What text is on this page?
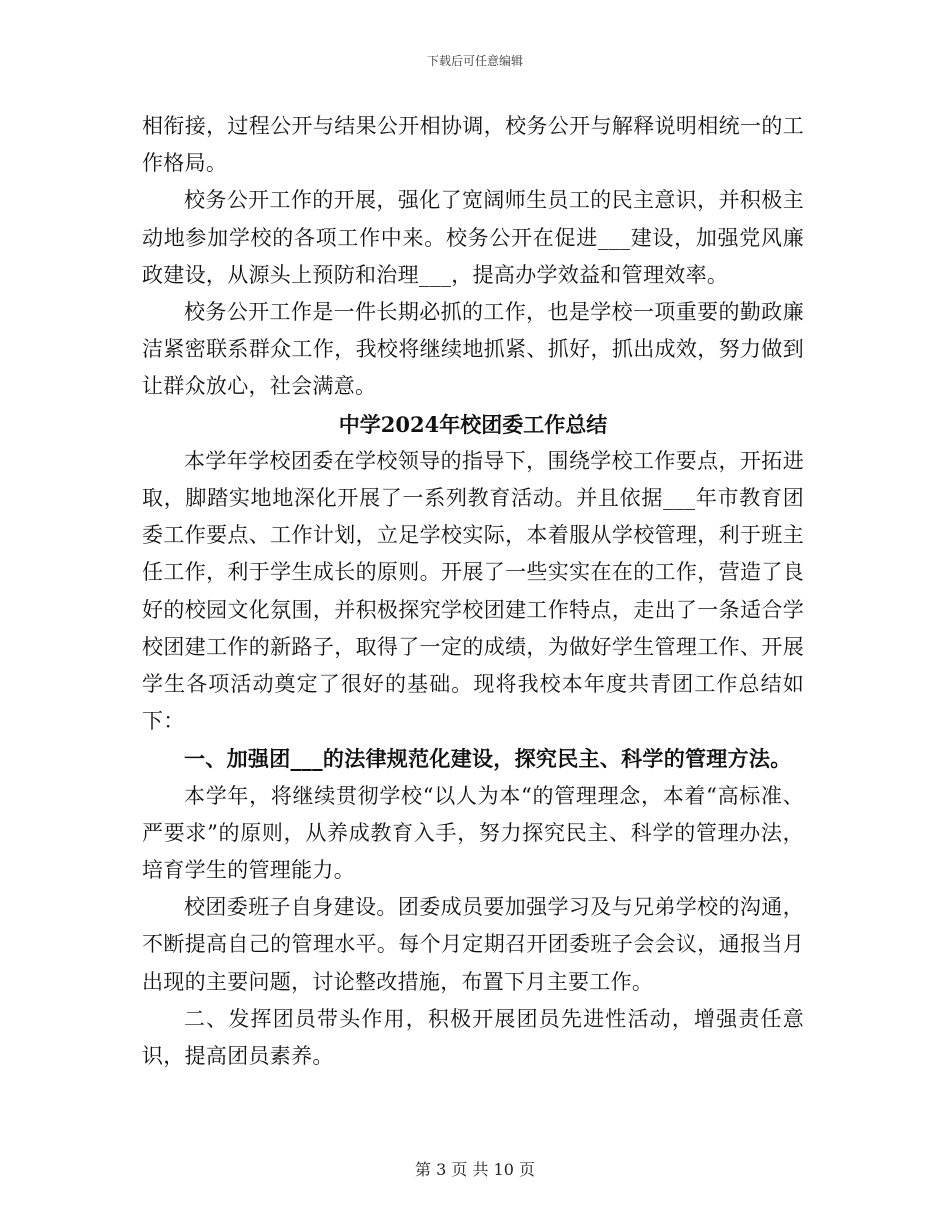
下载后可任意编辑

相衔接，过程公开与结果公开相协调，校务公开与解释说明相统一的工作格局。

校务公开工作的开展，强化了宽阔师生员工的民主意识，并积极主动地参加学校的各项工作中来。校务公开在促进___建设，加强党风廉政建设，从源头上预防和治理___，提高办学效益和管理效率。

校务公开工作是一件长期必抓的工作，也是学校一项重要的勤政廉洁紧密联系群众工作，我校将继续地抓紧、抓好，抓出成效，努力做到让群众放心，社会满意。

中学2024年校团委工作总结

本学年学校团委在学校领导的指导下，围绕学校工作要点，开拓进取，脚踏实地地深化开展了一系列教育活动。并且依据___年市教育团委工作要点、工作计划，立足学校实际，本着服从学校管理，利于班主任工作，利于学生成长的原则。开展了一些实实在在的工作，营造了良好的校园文化氛围，并积极探究学校团建工作特点，走出了一条适合学校团建工作的新路子，取得了一定的成绩，为做好学生管理工作、开展学生各项活动奠定了很好的基础。现将我校本年度共青团工作总结如下：

一、加强团___的法律规范化建设，探究民主、科学的管理方法。

本学年，将继续贯彻学校“以人为本“的管理理念，本着“高标准、严要求”的原则，从养成教育入手，努力探究民主、科学的管理办法，培育学生的管理能力。

校团委班子自身建设。团委成员要加强学习及与兄弟学校的沟通，不断提高自己的管理水平。每个月定期召开团委班子会会议，通报当月出现的主要问题，讨论整改措施，布置下月主要工作。

二、发挥团员带头作用，积极开展团员先进性活动，增强责任意识，提高团员素养。

第 3 页 共 10 页
